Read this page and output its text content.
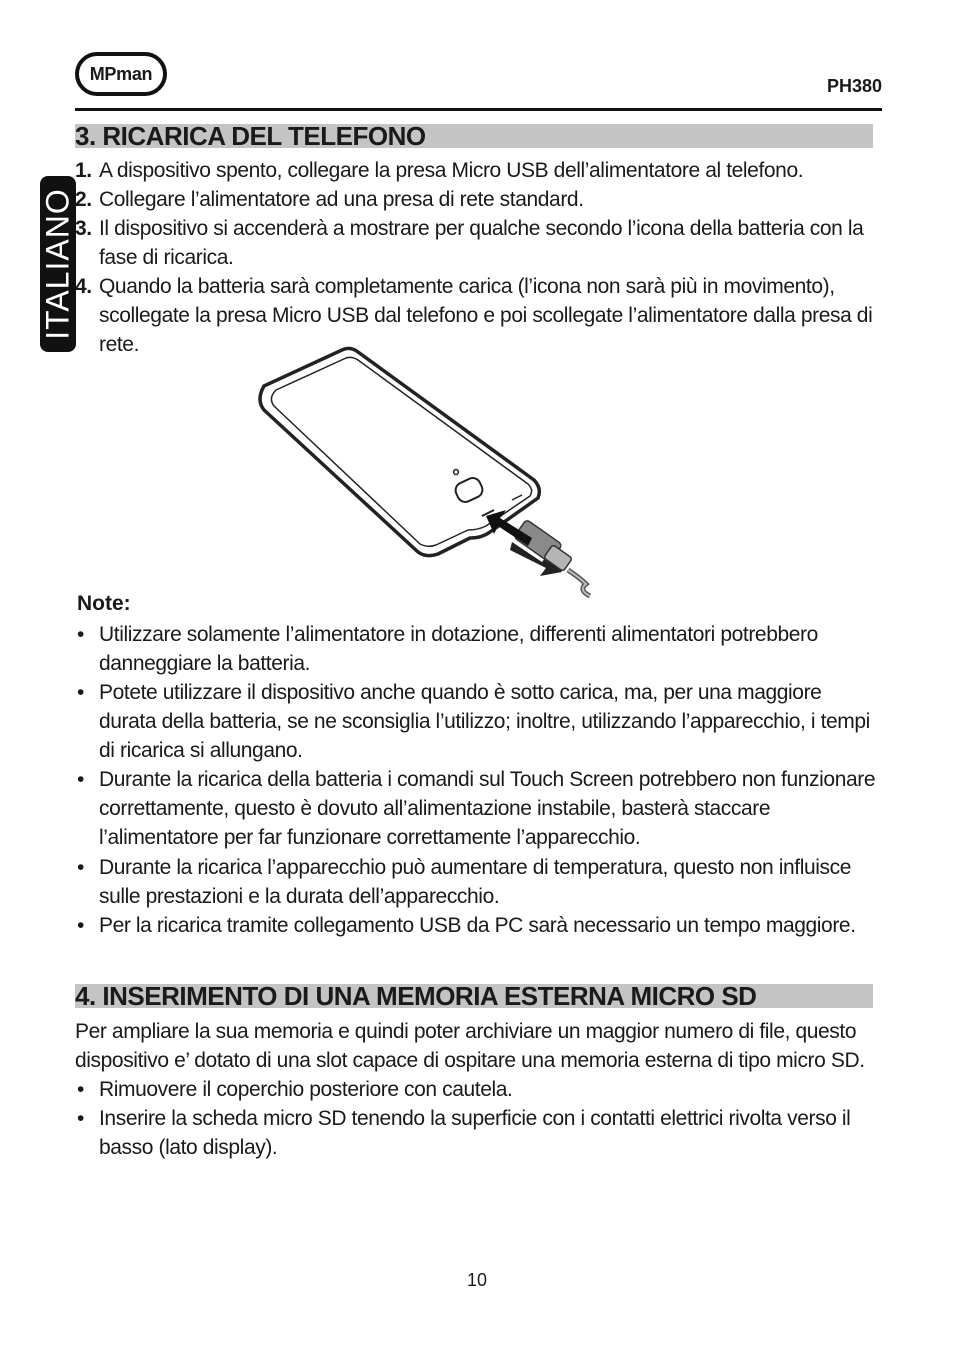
MPman
PH380
ITALIANO
3. RICARICA DEL TELEFONO
1. A dispositivo spento, collegare la presa Micro USB dell’alimentatore al telefono.
2. Collegare l’alimentatore ad una presa di rete standard.
3. Il dispositivo si accenderà a mostrare per qualche secondo l’icona della batteria con la fase di ricarica.
4. Quando la batteria sarà completamente carica (l’icona non sarà più in movimento), scollegate la presa Micro USB dal telefono e poi scollegate l’alimentatore dalla presa di rete.
Note:
• Utilizzare solamente l’alimentatore in dotazione, differenti alimentatori potrebbero danneggiare la batteria.
• Potete utilizzare il dispositivo anche quando è sotto carica, ma, per una maggiore durata della batteria, se ne sconsiglia l’utilizzo; inoltre, utilizzando l’apparecchio, i tempi di ricarica si allungano.
• Durante la ricarica della batteria i comandi sul Touch Screen potrebbero non funzionare correttamente, questo è dovuto all’alimentazione instabile, basterà staccare l’alimentatore per far funzionare correttamente l’apparecchio.
• Durante la ricarica l’apparecchio può aumentare di temperatura, questo non influisce sulle prestazioni e la durata dell’apparecchio.
• Per la ricarica tramite collegamento USB da PC sarà necessario un tempo maggiore.
4. INSERIMENTO DI UNA MEMORIA ESTERNA MICRO SD
Per ampliare la sua memoria e quindi poter archiviare un maggior numero di file, questo dispositivo e’ dotato di una slot capace di ospitare una memoria esterna di tipo micro SD.
• Rimuovere il coperchio posteriore con cautela.
• Inserire la scheda micro SD tenendo la superficie con i contatti elettrici rivolta verso il basso (lato display).
10
